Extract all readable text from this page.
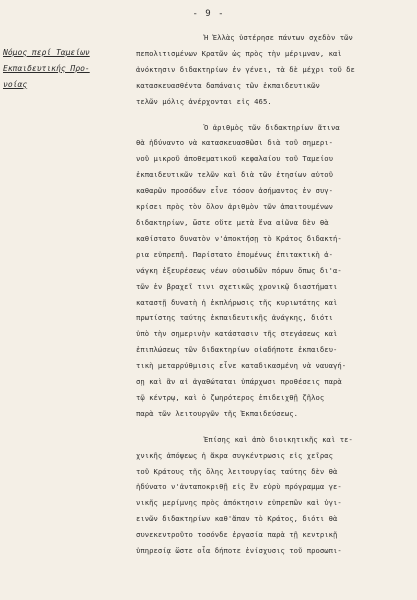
- 9 -
Νόμος περί Ταμείων
Εκπαιδευτικής Προ-
νοίας
Ἡ Ἑλλὰς ὑστέρησε πάντων σχεδὸν τῶν
πεπολιτισμένων Κρατῶν ὡς πρὸς τὴν μέριμναν, καὶ
ἀνόκτησιν διδακτηρίων ἐν γένει, τὰ δὲ μέχρι τοῦ δε
κατασκευασθέντα δαπάναις τῶν ἐκπαιδευτικῶν
τελῶν μόλις ἀνέρχονται εἰς 465.
Ὁ ἀριθμὸς τῶν διδακτηρίων ἅτινα
θὰ ἠδύναντο νὰ κατασκευασθῶσι διὰ τοῦ σημερι-
νοῦ μικροῦ ἀποθεματικοῦ κεφαλαίου τοῦ Ταμείου
ἐκπαιδευτικῶν τελῶν καὶ διὰ τῶν ἐτησίων αὐτοῦ
καθαρῶν προσόδων εἶνε τόσον ἀσήμαντος ἐν συγ-
κρίσει πρὸς τὸν ὅλον ἀριθμὸν τῶν ἀπαιτουμένων
διδακτηρίων, ὥστε οὔτε μετὰ ἕνα αἰῶνα δὲν θὰ
καθίστατο δυνατὸν ν'ἀποκτήσῃ τὸ Κράτος διδακτή-
ρια εὐπρεπῆ. Παρίστατο ἑπομένως ἐπιτακτικὴ ἀ-
νάγκη ἐξευρέσεως νέων οὐσιωδῶν πόρων ὅπως δι'α-
τῶν ἐν βραχεῖ τινι σχετικῶς χρονικῷ διαστήματι
καταστῇ δυνατὴ ἡ ἐκπλήρωσις τῆς κυριωτάτης καὶ
πρωτίστης ταύτης ἐκπαιδευτικῆς ἀνάγκης, διότι
ὑπὸ τὴν σημερινὴν κατάστασιν τῆς στεγάσεως καὶ
ἐπιπλώσεως τῶν διδακτηρίων οἱαδήποτε ἐκπαιδευ-
τικὴ μεταρρύθμισις εἶνε καταδικασμένη νὰ ναυαγή-
σῃ καὶ ἂν αἱ ἀγαθώταται ὑπάρχωσι προθέσεις παρὰ
τῷ κέντρῳ, καὶ ὁ ζωηρότερος ἐπιδειχθῇ ζῆλος
παρὰ τῶν λειτουργῶν τῆς Ἐκπαιδεύσεως.
Ἐπίσης καὶ ἀπὸ διοικητικῆς καὶ τε-
χνικῆς ἀπόψεως ἡ ἄκρα συγκέντρωσις εἰς χεῖρας
τοῦ Κράτους τῆς ὅλης λειτουργίας ταύτης δὲν θὰ
ἠδύνατο ν'ἀνταποκριθῇ εἰς ἓν εὐρὺ πρόγραμμα γε-
νικῆς μερίμνης πρὸς ἀπόκτησιν εὐπρεπῶν καὶ ὑγι-
εινῶν διδακτηρίων καθ'ἅπαν τὸ Κράτος, διότι θὰ
συνεκεντροῦτο τοσόνδε ἐργασία παρὰ τῇ κεντρικῇ
ὑπηρεσίᾳ ὥστε οἷα δήποτε ἐνίσχυσις τοῦ προσωπι-
